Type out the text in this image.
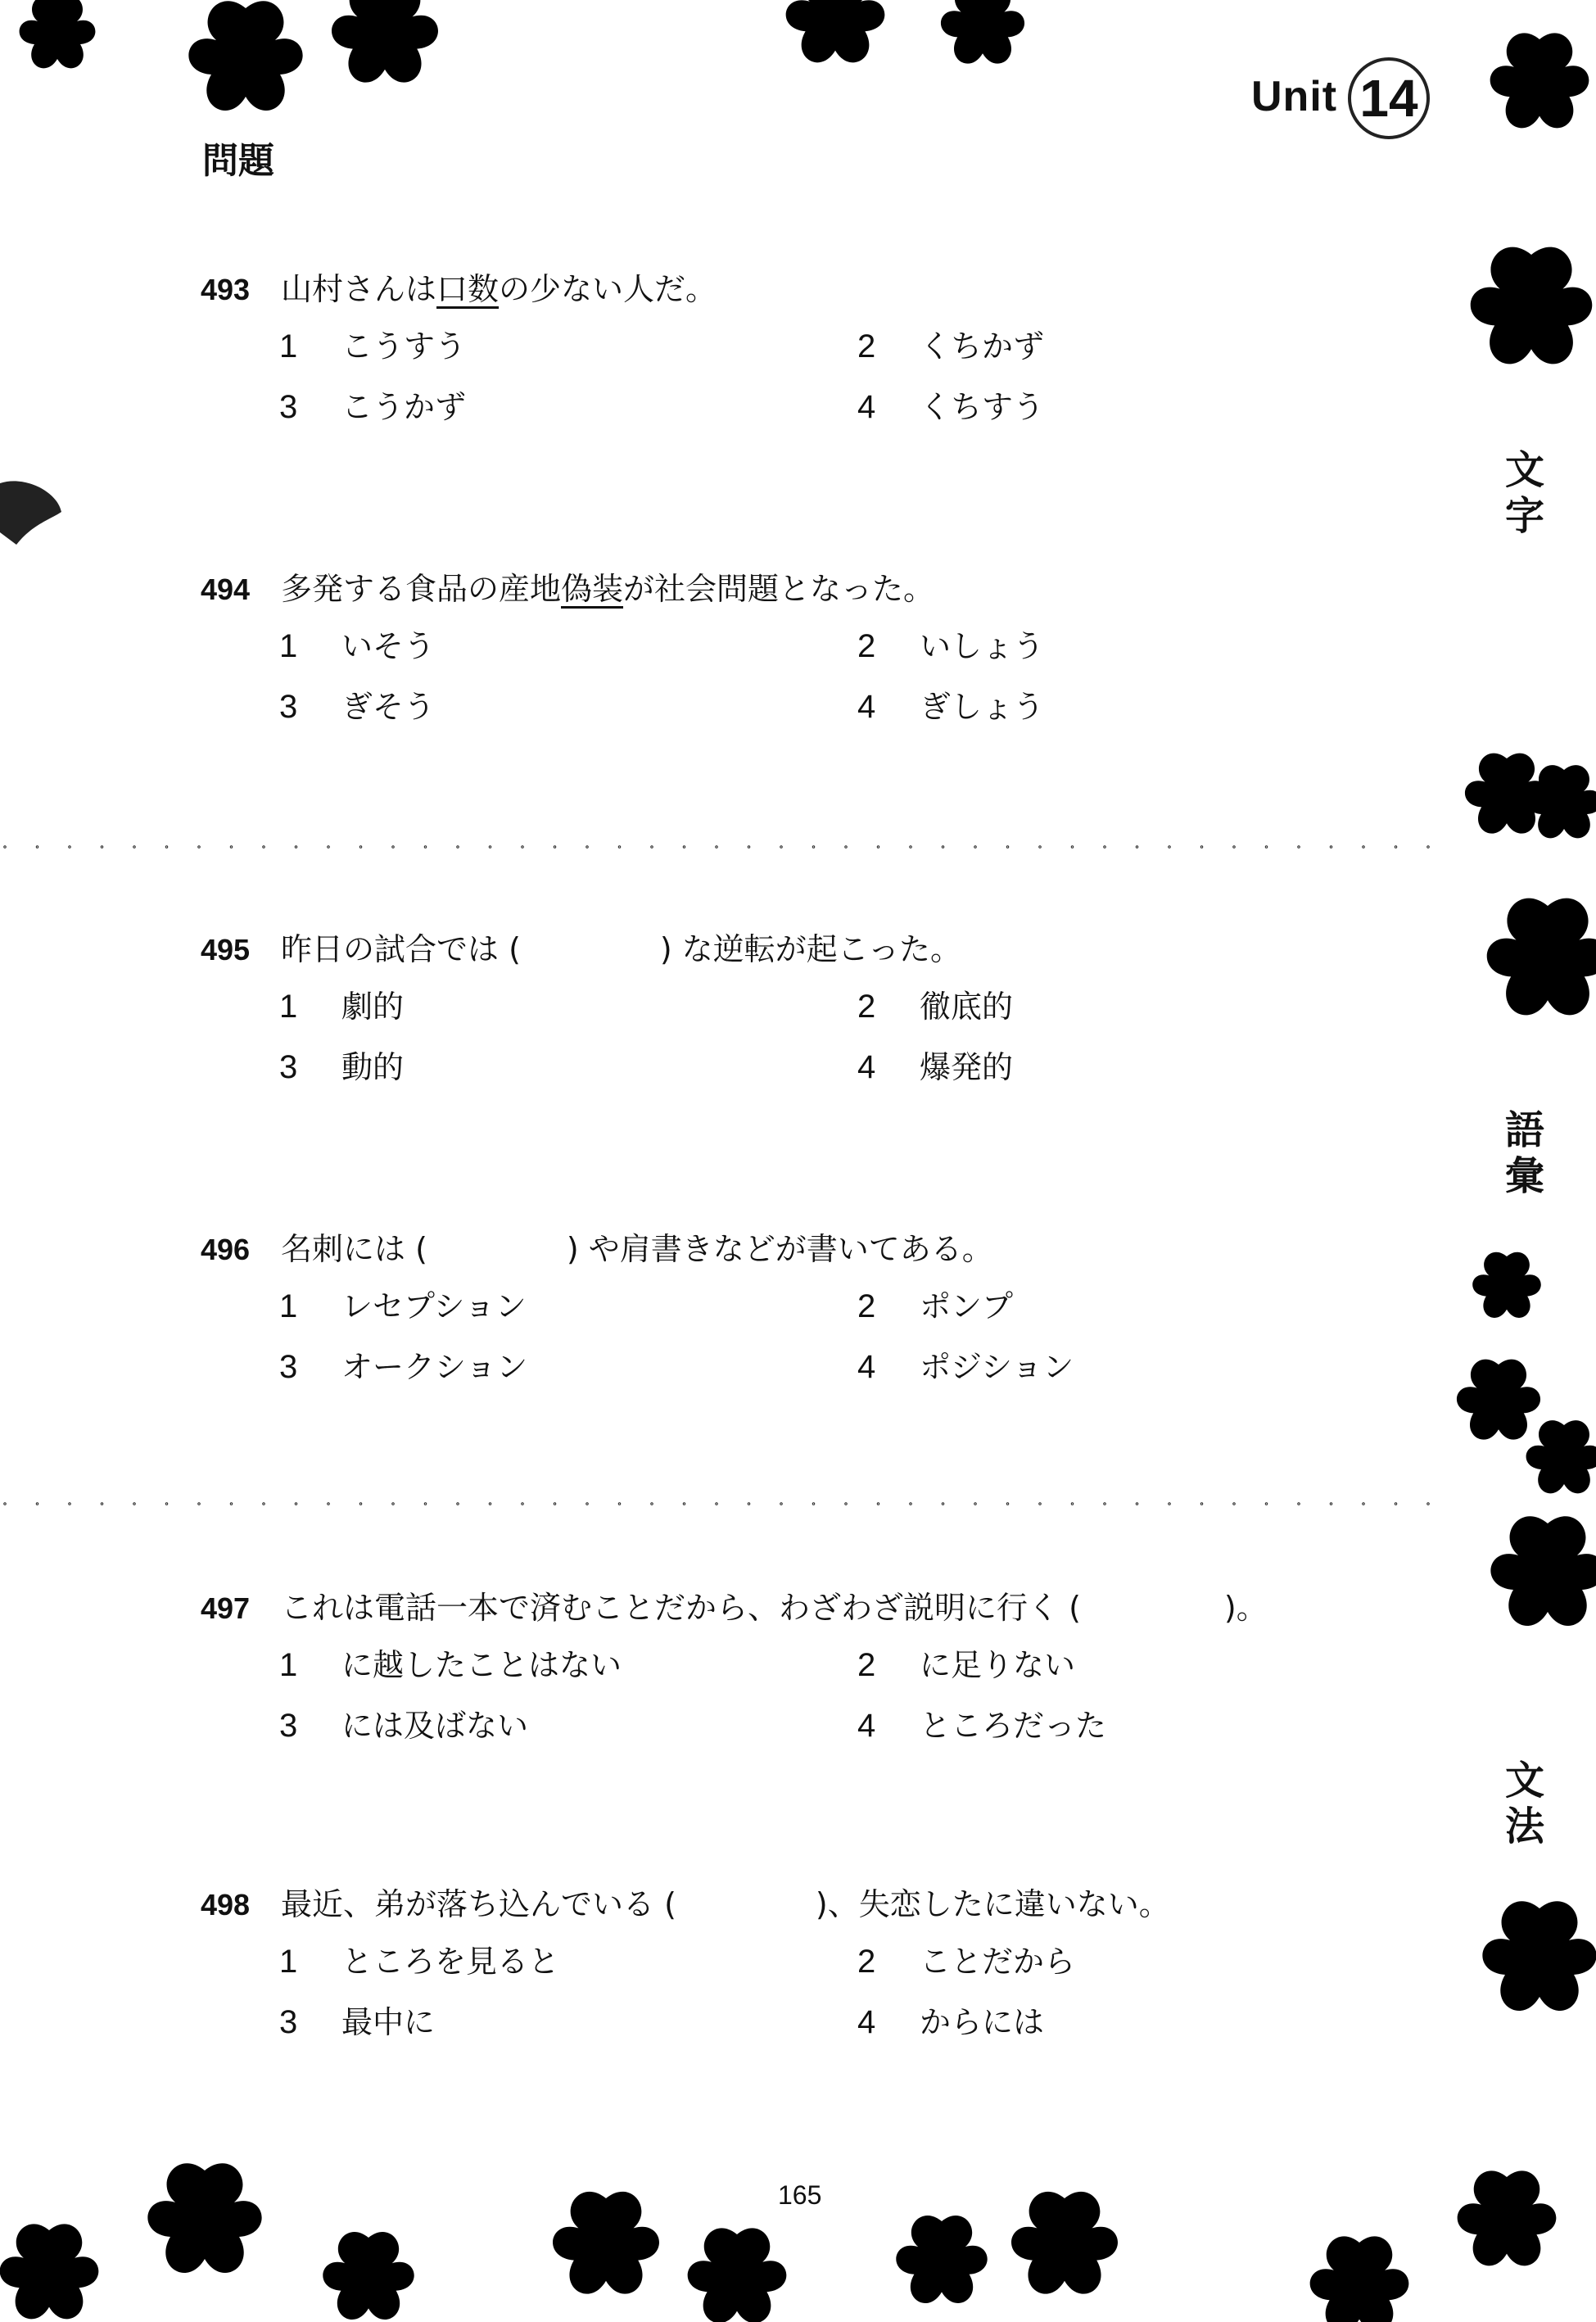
Unit 14
問題
文字
語彙
文法
493 山村さんは 口数 の少ない人だ。
1	こうすう	2	くちかず
3	こうかず	4	くちすう
494 多発する食品の産地 偽装 が社会問題となった。
1	いそう	2	いしょう
3	ぎそう	4	ぎしょう
495 昨日の試合では (	) な逆転が起こった。
1	劇的	2	徹底的
3	動的	4	爆発的
496 名刺には (	) や肩書きなどが書いてある。
1	レセプション	2	ポンプ
3	オークション	4	ポジション
497 これは電話一本で済むことだから、わざわざ説明に行く (	)。
1	に越したことはない	2	に足りない
3	には及ばない	4	ところだった
498 最近、弟が落ち込んでいる (	)、失恋したに違いない。
1	ところを見ると	2	ことだから
3	最中に	4	からには
165
